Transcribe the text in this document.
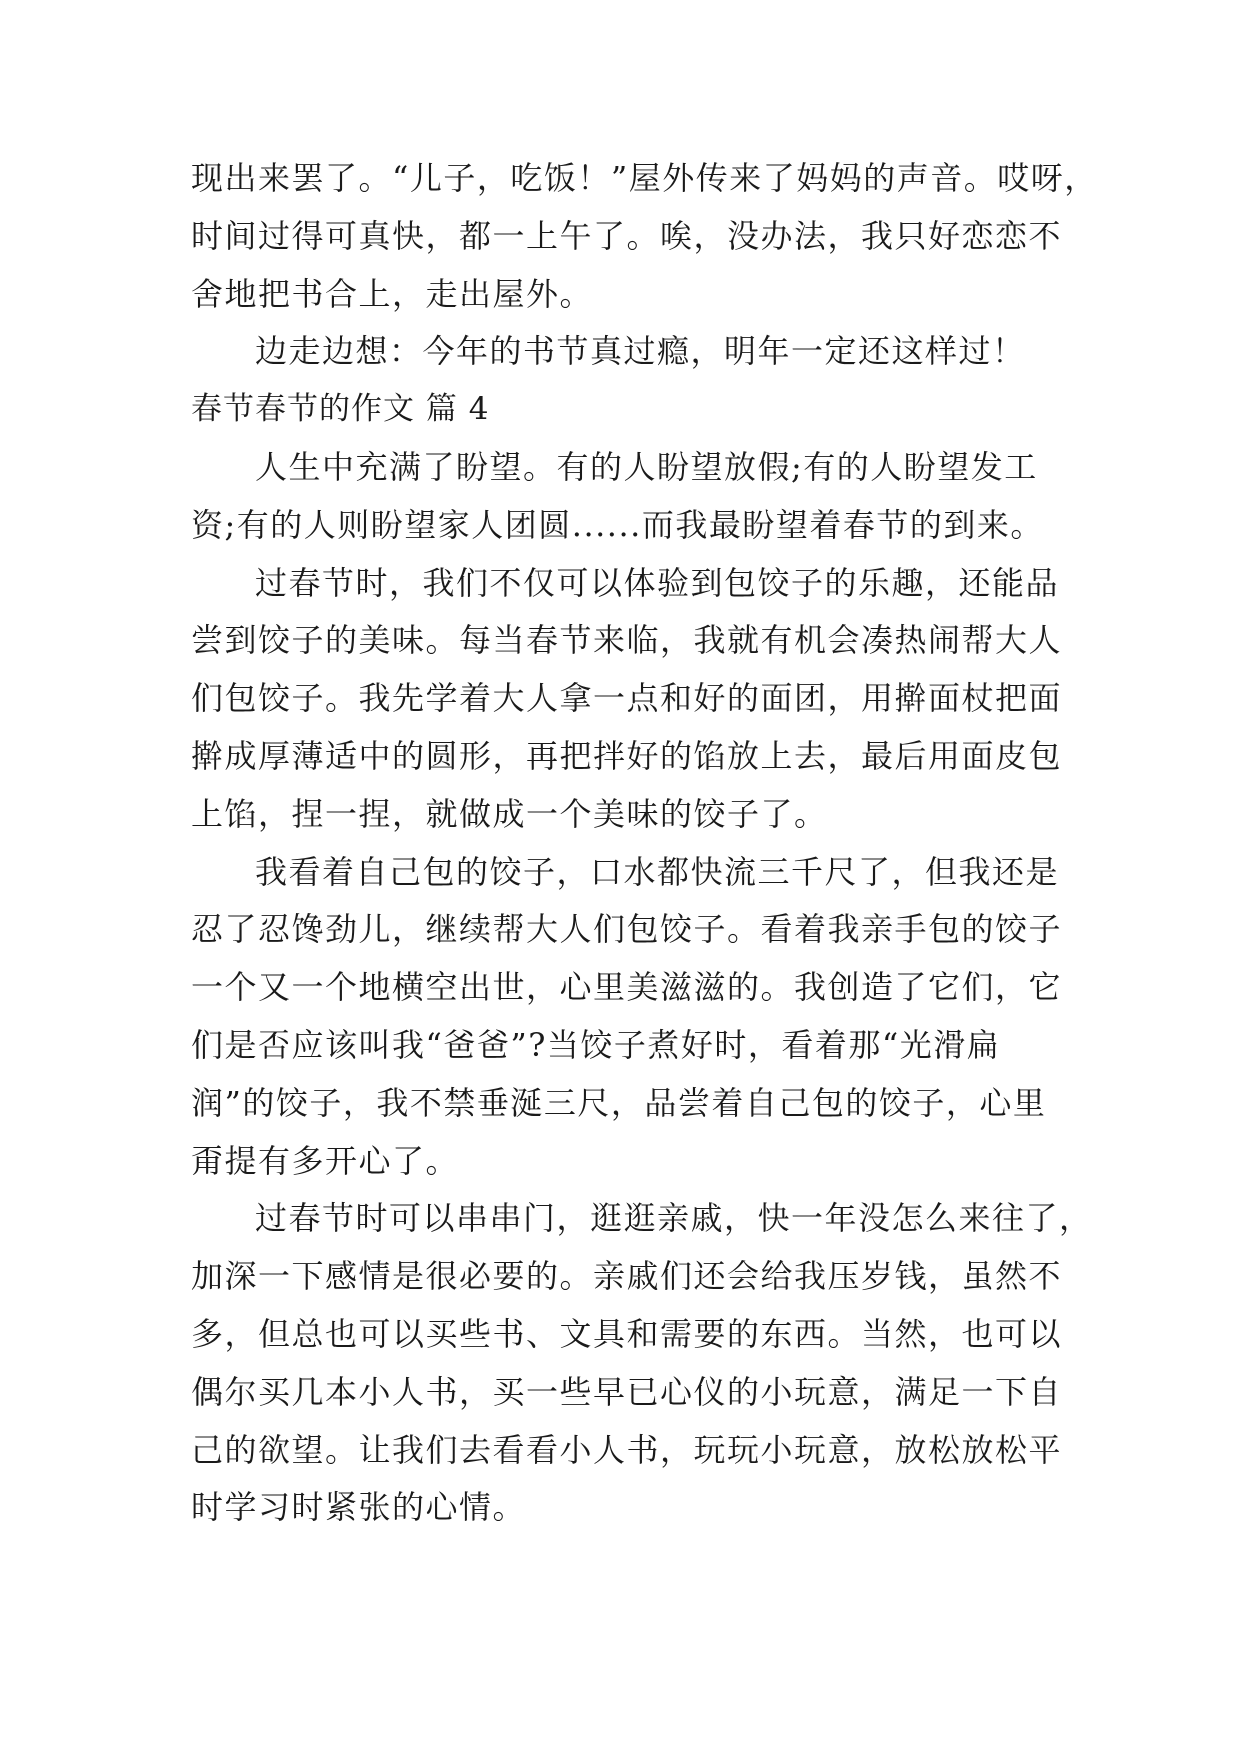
现出来罢了。“儿子，吃饭！”屋外传来了妈妈的声音。哎呀，
时间过得可真快，都一上午了。唉，没办法，我只好恋恋不
舍地把书合上，走出屋外。

边走边想：今年的书节真过瘾，明年一定还这样过！

春节春节的作文 篇 4

人生中充满了盼望。有的人盼望放假;有的人盼望发工
资;有的人则盼望家人团圆......而我最盼望着春节的到来。

过春节时，我们不仅可以体验到包饺子的乐趣，还能品
尝到饺子的美味。每当春节来临，我就有机会凑热闹帮大人
们包饺子。我先学着大人拿一点和好的面团，用擀面杖把面
擀成厚薄适中的圆形，再把拌好的馅放上去，最后用面皮包
上馅，捏一捏，就做成一个美味的饺子了。

我看着自己包的饺子，口水都快流三千尺了，但我还是
忍了忍馋劲儿，继续帮大人们包饺子。看着我亲手包的饺子
一个又一个地横空出世，心里美滋滋的。我创造了它们，它
们是否应该叫我“爸爸”?当饺子煮好时，看着那“光滑扁
润”的饺子，我不禁垂涎三尺，品尝着自己包的饺子，心里
甭提有多开心了。

过春节时可以串串门，逛逛亲戚，快一年没怎么来往了，
加深一下感情是很必要的。亲戚们还会给我压岁钱，虽然不
多，但总也可以买些书、文具和需要的东西。当然，也可以
偶尔买几本小人书，买一些早已心仪的小玩意，满足一下自
己的欲望。让我们去看看小人书，玩玩小玩意，放松放松平
时学习时紧张的心情。
